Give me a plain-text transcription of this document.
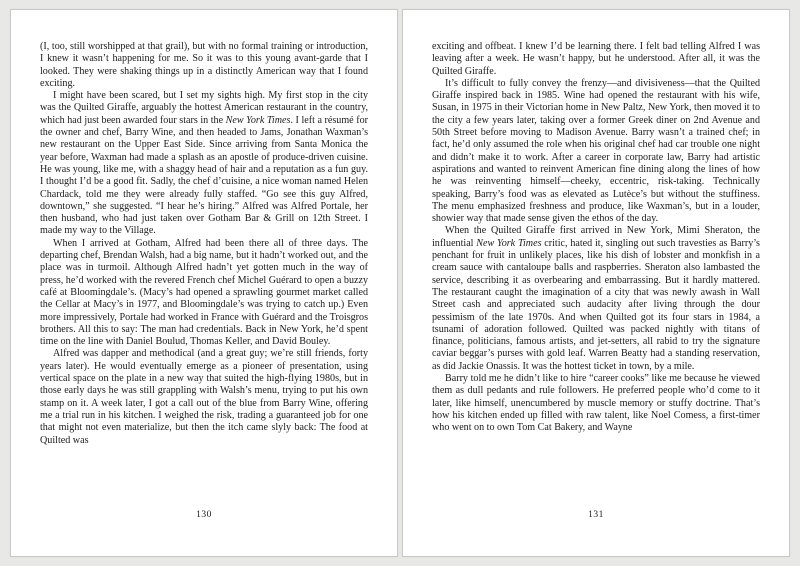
(I, too, still worshipped at that grail), but with no formal training or introduction, I knew it wasn’t happening for me. So it was to this young avant-garde that I looked. They were shaking things up in a distinctly American way that I found exciting.

I might have been scared, but I set my sights high. My first stop in the city was the Quilted Giraffe, arguably the hottest American restaurant in the country, which had just been awarded four stars in the New York Times. I left a résumé for the owner and chef, Barry Wine, and then headed to Jams, Jonathan Waxman’s new restaurant on the Upper East Side. Since arriving from Santa Monica the year before, Waxman had made a splash as an apostle of produce-driven cuisine. He was young, like me, with a shaggy head of hair and a reputation as a fun guy. I thought I’d be a good fit. Sadly, the chef d’cuisine, a nice woman named Helen Chardack, told me they were already fully staffed. “Go see this guy Alfred, downtown,” she suggested. “I hear he’s hiring.” Alfred was Alfred Portale, her then husband, who had just taken over Gotham Bar & Grill on 12th Street. I made my way to the Village.

When I arrived at Gotham, Alfred had been there all of three days. The departing chef, Brendan Walsh, had a big name, but it hadn’t worked out, and the place was in turmoil. Although Alfred hadn’t yet gotten much in the way of press, he’d worked with the revered French chef Michel Guérard to open a buzzy café at Bloomingdale’s. (Macy’s had opened a sprawling gourmet market called the Cellar at Macy’s in 1977, and Bloomingdale’s was trying to catch up.) Even more impressively, Portale had worked in France with Guérard and the Troisgros brothers. All this to say: The man had credentials. Back in New York, he’d spent time on the line with Daniel Boulud, Thomas Keller, and David Bouley.

Alfred was dapper and methodical (and a great guy; we’re still friends, forty years later). He would eventually emerge as a pioneer of presentation, using vertical space on the plate in a new way that suited the high-flying 1980s, but in those early days he was still grappling with Walsh’s menu, trying to put his own stamp on it. A week later, I got a call out of the blue from Barry Wine, offering me a trial run in his kitchen. I weighed the risk, trading a guaranteed job for one that might not even materialize, but then the itch came slyly back: The food at Quilted was

130

exciting and offbeat. I knew I’d be learning there. I felt bad telling Alfred I was leaving after a week. He wasn’t happy, but he understood. After all, it was the Quilted Giraffe.

It’s difficult to fully convey the frenzy—and divisiveness—that the Quilted Giraffe inspired back in 1985. Wine had opened the restaurant with his wife, Susan, in 1975 in their Victorian home in New Paltz, New York, then moved it to the city a few years later, taking over a former Greek diner on 2nd Avenue and 50th Street before moving to Madison Avenue. Barry wasn’t a trained chef; in fact, he’d only assumed the role when his original chef had car trouble one night and didn’t make it to work. After a career in corporate law, Barry had artistic aspirations and wanted to reinvent American fine dining along the lines of how he was reinventing himself—cheeky, eccentric, risk-taking. Technically speaking, Barry’s food was as elevated as Lutèce’s but without the stuffiness. The menu emphasized freshness and produce, like Waxman’s, but in a louder, showier way that made sense given the ethos of the day.

When the Quilted Giraffe first arrived in New York, Mimi Sheraton, the influential New York Times critic, hated it, singling out such travesties as Barry’s penchant for fruit in unlikely places, like his dish of lobster and monkfish in a cream sauce with cantaloupe balls and raspberries. Sheraton also lambasted the service, describing it as overbearing and embarrassing. But it hardly mattered. The restaurant caught the imagination of a city that was newly awash in Wall Street cash and appreciated such audacity after living through the dour pessimism of the late 1970s. And when Quilted got its four stars in 1984, a tsunami of adoration followed. Quilted was packed nightly with titans of finance, politicians, famous artists, and jet-setters, all rabid to try the signature caviar beggar’s purses with gold leaf. Warren Beatty had a standing reservation, as did Jackie Onassis. It was the hottest ticket in town, by a mile.

Barry told me he didn’t like to hire “career cooks” like me because he viewed them as dull pedants and rule followers. He preferred people who’d come to it later, like himself, unencumbered by muscle memory or stuffy doctrine. That’s how his kitchen ended up filled with raw talent, like Noel Comess, a first-timer who went on to own Tom Cat Bakery, and Wayne

131
